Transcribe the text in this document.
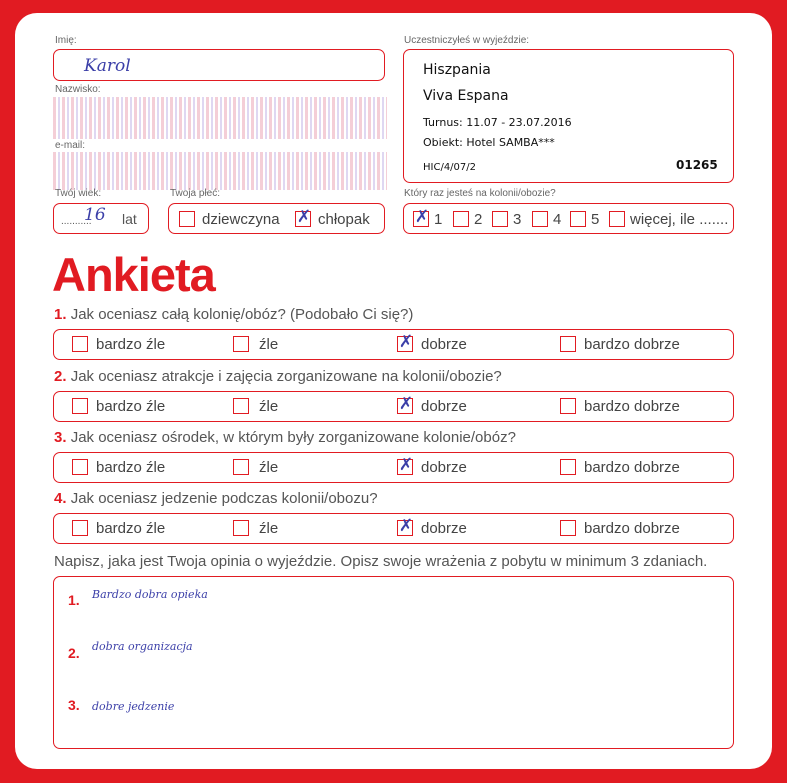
Imię:
Karol
Nazwisko:
e-mail:
Uczestniczyłeś w wyjeździe:
Hiszpania
Viva Espana
Turnus: 11.07 - 23.07.2016
Obiekt: Hotel SAMBA***
HIC/4/07/2	01265
Twój wiek:
...........
16 lat
Twoja płeć:
dziewczyna ✗ chłopak
Który raz jesteś na kolonii/obozie?
✗ 1 2 3 4 5 więcej, ile .......
Ankieta
1. Jak oceniasz całą kolonię/obóz? (Podobało Ci się?)
bardzo źle	źle	✗ dobrze	bardzo dobrze
2. Jak oceniasz atrakcje i zajęcia zorganizowane na kolonii/obozie?
bardzo źle	źle	✗ dobrze	bardzo dobrze
3. Jak oceniasz ośrodek, w którym były zorganizowane kolonie/obóz?
bardzo źle	źle	✗ dobrze	bardzo dobrze
4. Jak oceniasz jedzenie podczas kolonii/obozu?
bardzo źle	źle	✗ dobrze	bardzo dobrze
Napisz, jaka jest Twoja opinia o wyjeździe. Opisz swoje wrażenia z pobytu w minimum 3 zdaniach.
1. Bardzo dobra opieka
2. dobra organizacja
3. dobre jedzenie
